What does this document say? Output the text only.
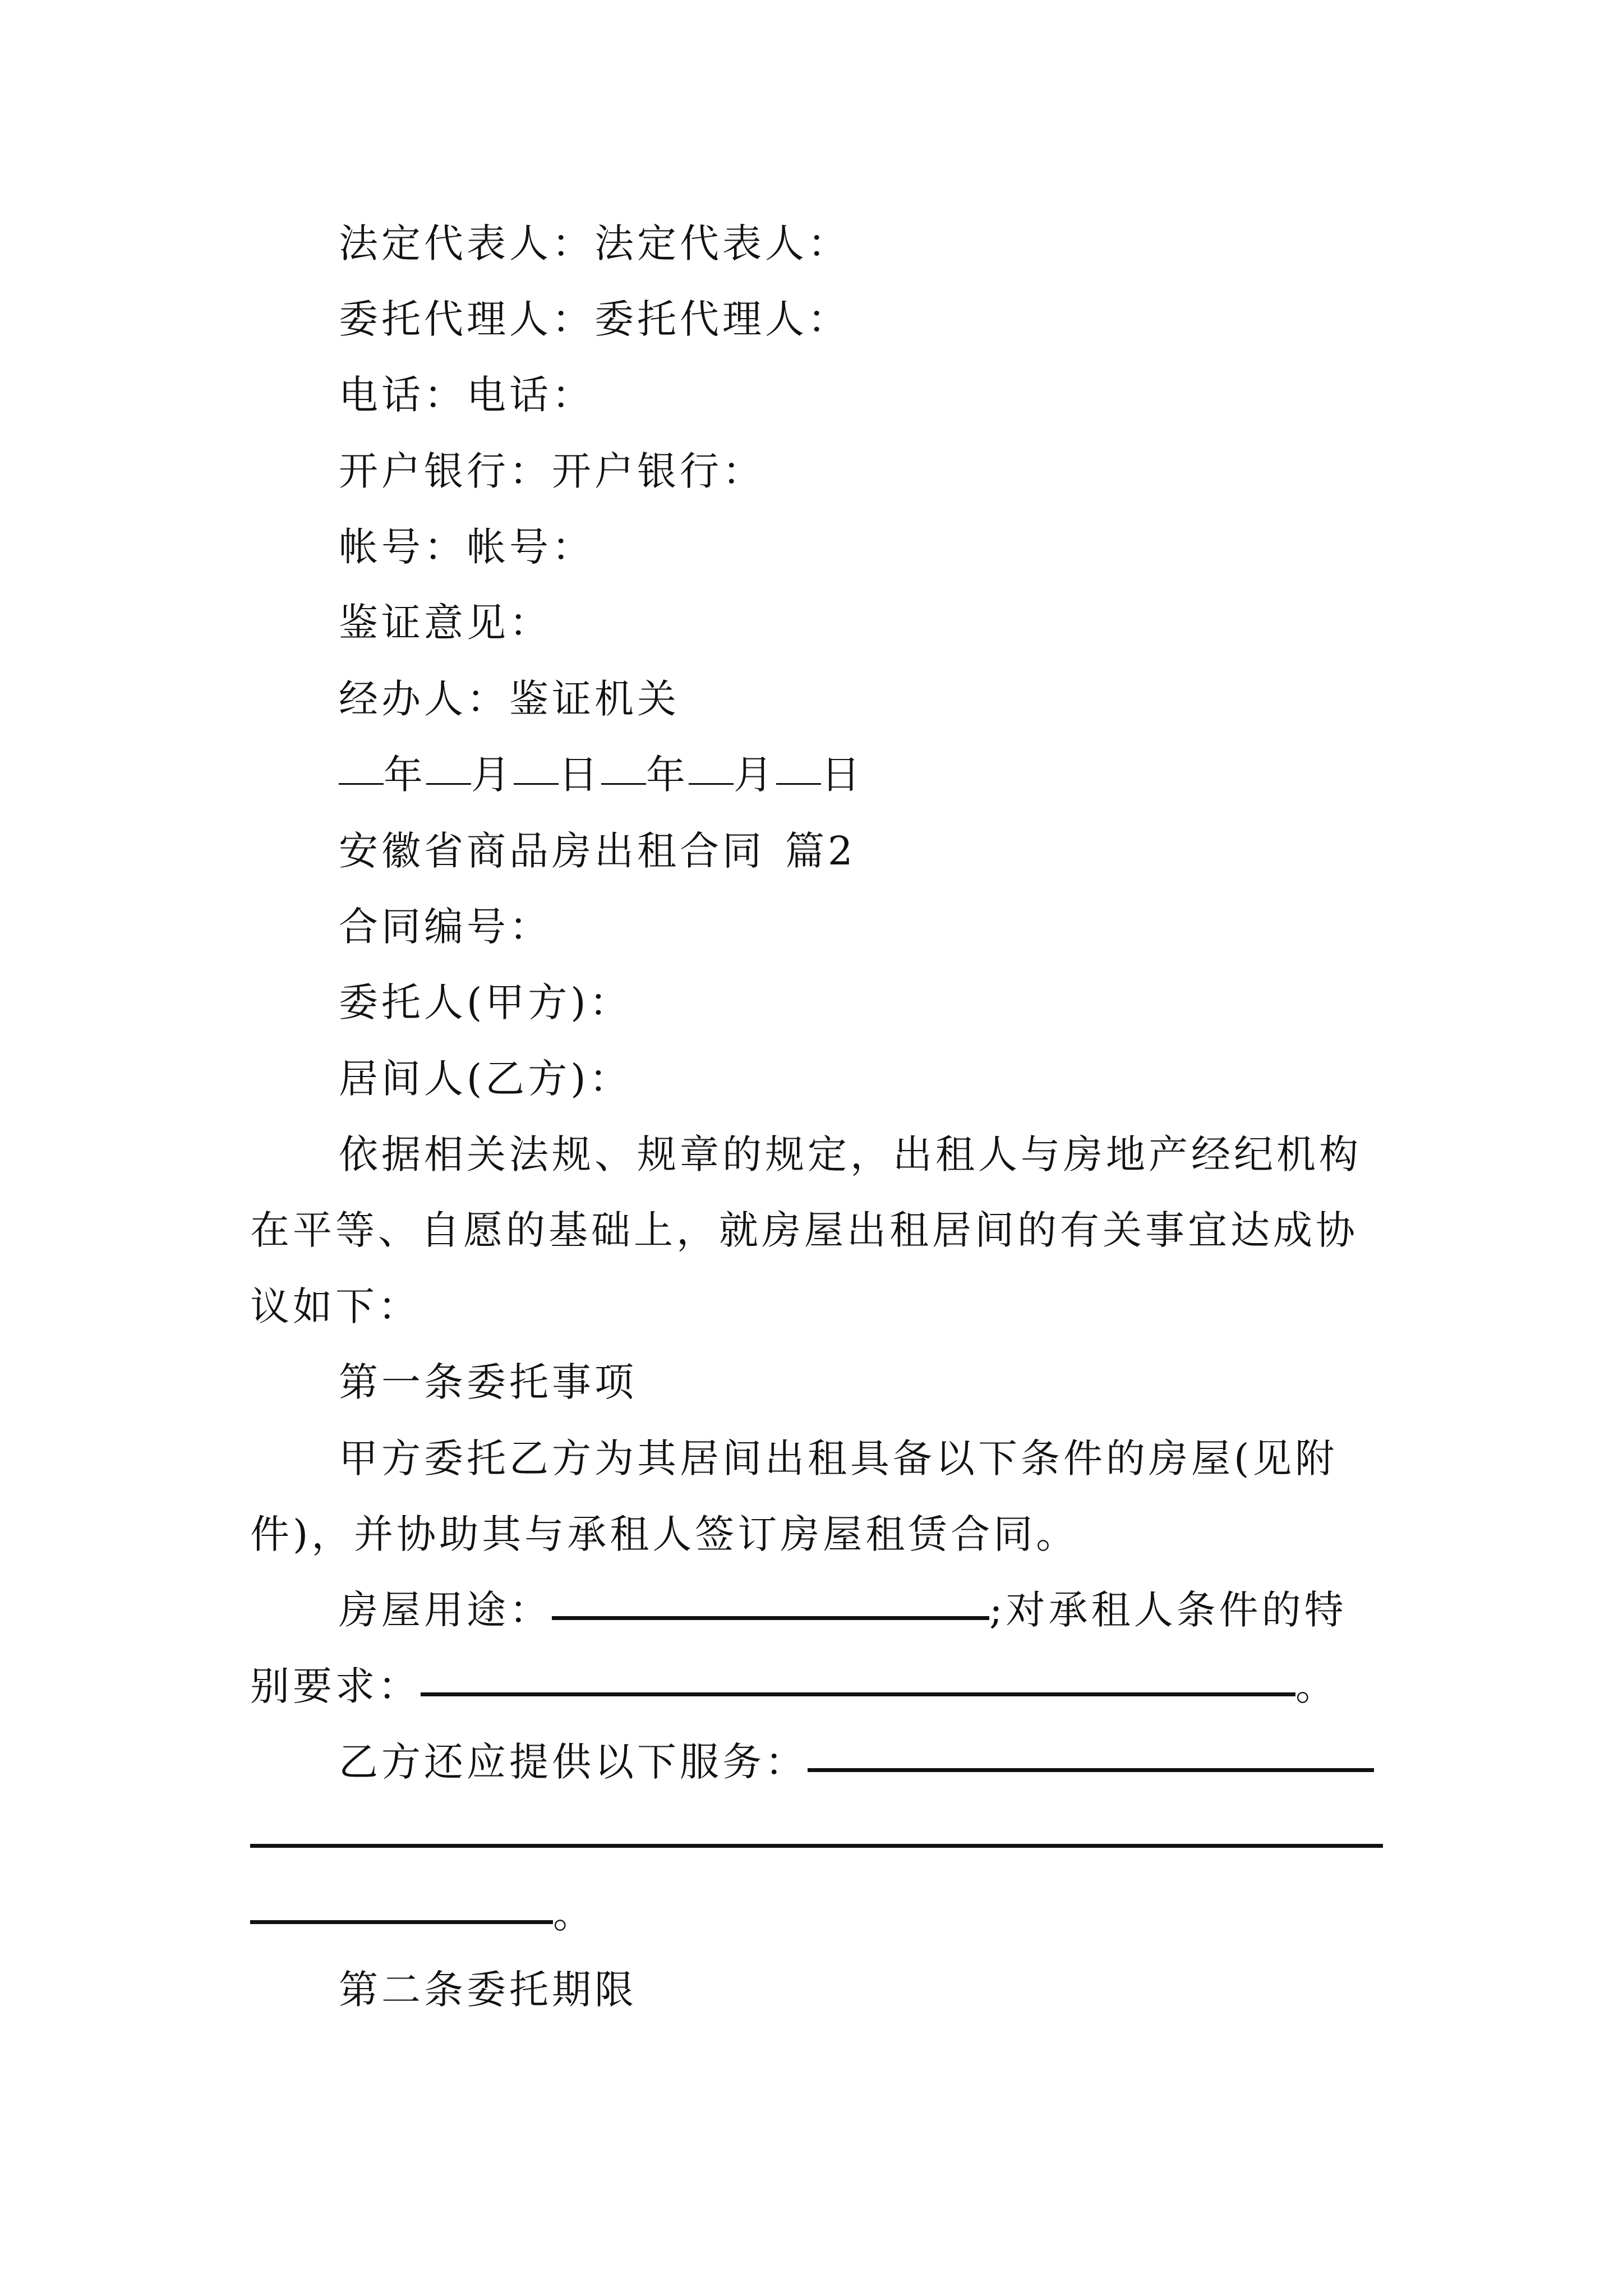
法定代表人：法定代表人：
委托代理人：委托代理人：
电话：电话：
开户银行：开户银行：
帐号：帐号：
鉴证意见：
经办人：鉴证机关
年 月 日 年 月 日
安徽省商品房出租合同 篇2
合同编号：
委托人(甲方)：
居间人(乙方)：
依据相关法规、规章的规定，出租人与房地产经纪机构
在平等、自愿的基础上，就房屋出租居间的有关事宜达成协
议如下：
第一条委托事项
甲方委托乙方为其居间出租具备以下条件的房屋(见附
件)，并协助其与承租人签订房屋租赁合同。
房屋用途：	;对承租人条件的特
别要求：	。
乙方还应提供以下服务：
。
第二条委托期限
